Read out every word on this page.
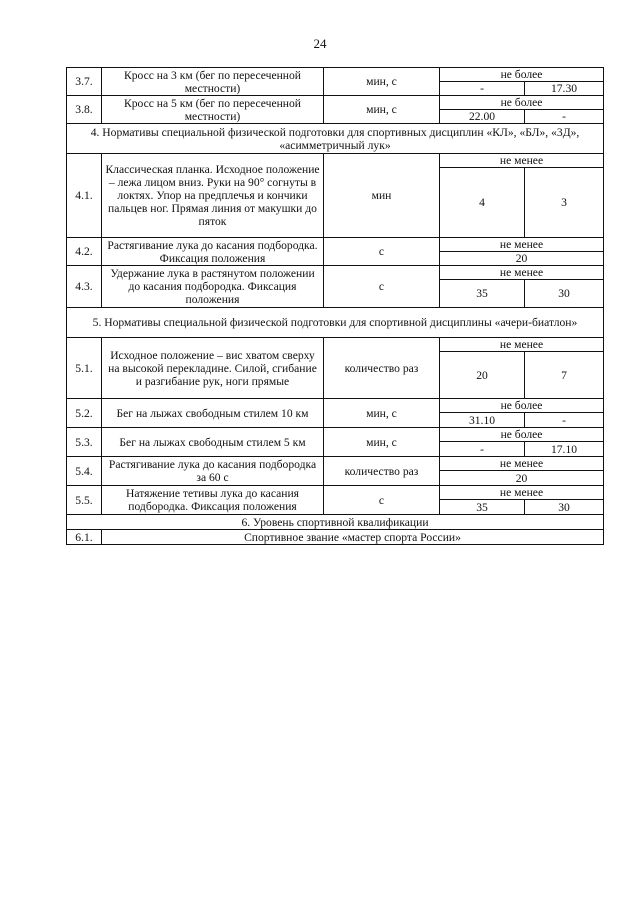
24
3.7.	Кросс на 3 км (бег по пересеченной местности)	мин, с	не более	
			-	17.30
3.8.	Кросс на 5 км (бег по пересеченной местности)	мин, с	не более	
			22.00	-
4. Нормативы специальной физической подготовки для спортивных дисциплин «КЛ», «БЛ», «3Д», «асимметричный лук»				
4.1.	Классическая планка. Исходное положение – лежа лицом вниз. Руки на 90° согнуты в локтях. Упор на предплечья и кончики пальцев ног. Прямая линия от макушки до пяток	мин	не менее	
			4	3
4.2.	Растягивание лука до касания подбородка. Фиксация положения	с	не менее	
			20	
4.3.	Удержание лука в растянутом положении до касания подбородка. Фиксация положения	с	не менее	
			35	30
5. Нормативы специальной физической подготовки для спортивной дисциплины «ачери-биатлон»				
5.1.	Исходное положение – вис хватом сверху на высокой перекладине. Силой, сгибание и разгибание рук, ноги прямые	количество раз	не менее	
			20	7
5.2.	Бег на лыжах свободным стилем 10 км	мин, с	не более	
			31.10	-
5.3.	Бег на лыжах свободным стилем 5 км	мин, с	не более	
			-	17.10
5.4.	Растягивание лука до касания подбородка за 60 с	количество раз	не менее	
			20	
5.5.	Натяжение тетивы лука до касания подбородка. Фиксация положения	с	не менее	
			35	30
6. Уровень спортивной квалификации				
6.1.	Спортивное звание «мастер спорта России»			
